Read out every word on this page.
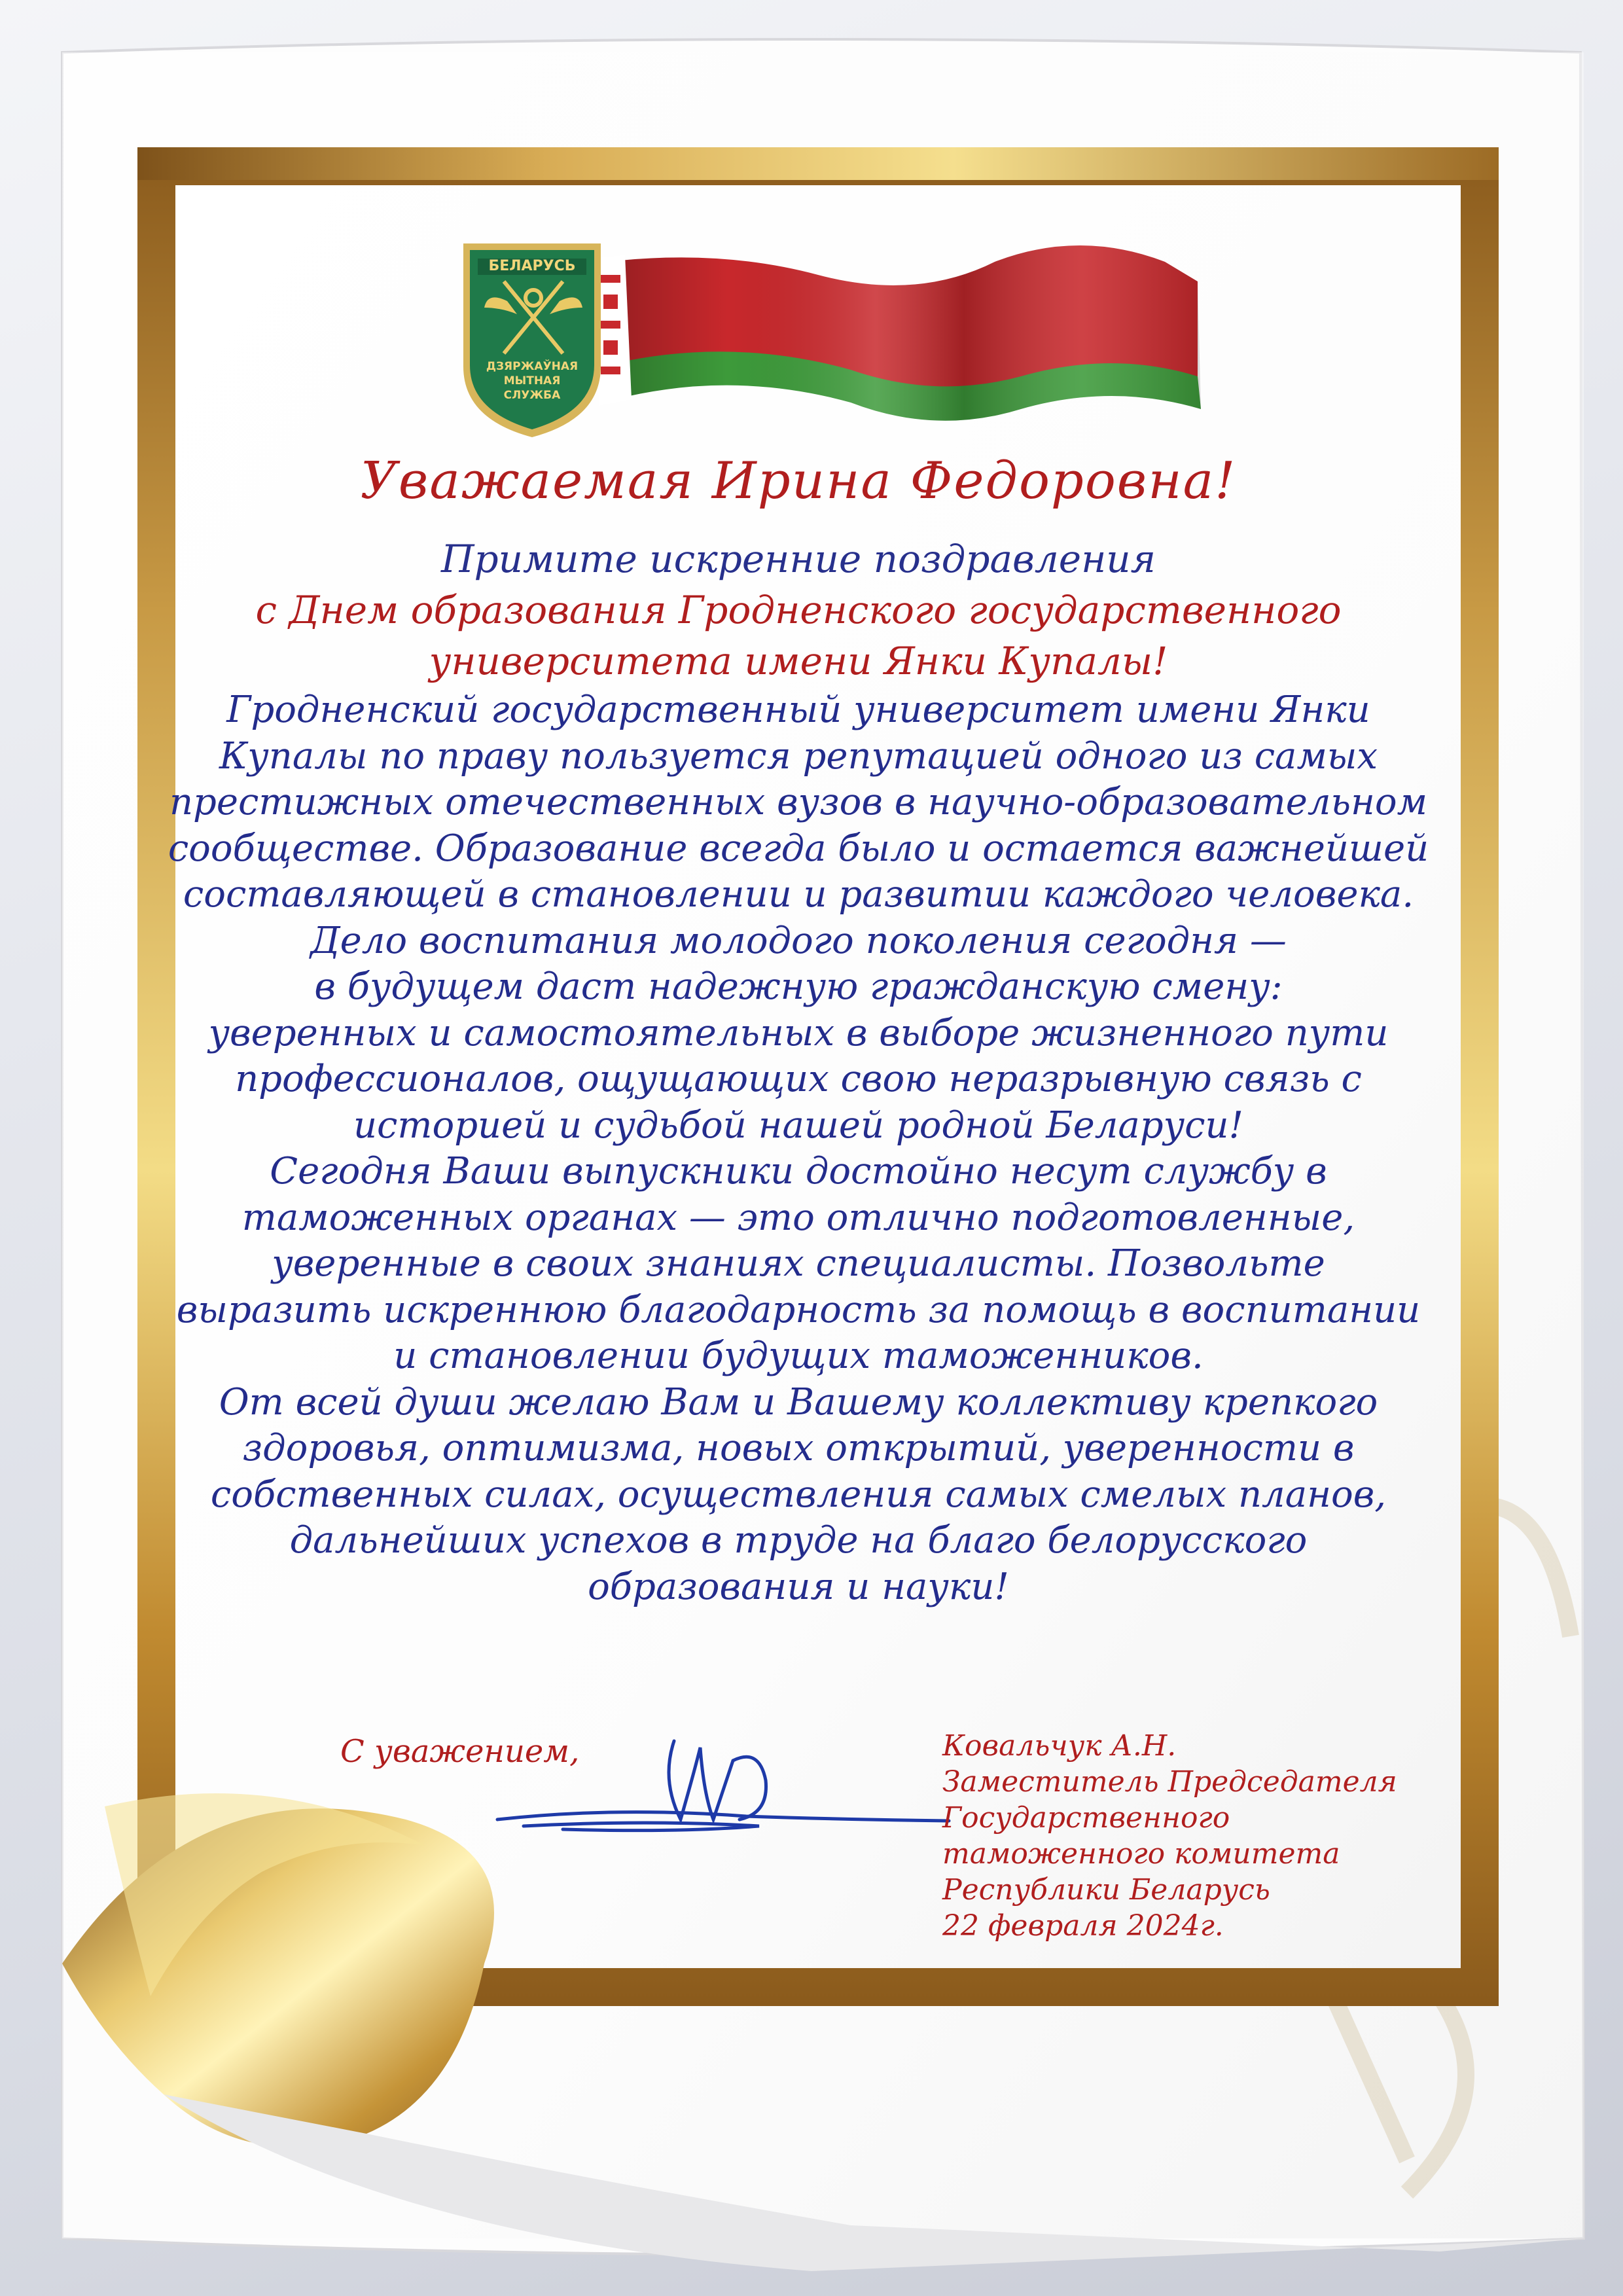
БЕЛАРУСЬ
ДЗЯРЖАЎНАЯ
МЫТНАЯ
СЛУЖБА
Уважаемая Ирина Федоровна!
Примите искренние поздравления
с Днем образования Гродненского государственного
университета имени Янки Купалы!
Гродненский государственный университет имени Янки
Купалы по праву пользуется репутацией одного из самых
престижных отечественных вузов в научно-образовательном
сообществе. Образование всегда было и остается важнейшей
составляющей в становлении и развитии каждого человека.
Дело воспитания молодого поколения сегодня —
в будущем даст надежную гражданскую смену:
уверенных и самостоятельных в выборе жизненного пути
профессионалов, ощущающих свою неразрывную связь с
историей и судьбой нашей родной Беларуси!
Сегодня Ваши выпускники достойно несут службу в
таможенных органах — это отлично подготовленные,
уверенные в своих знаниях специалисты. Позвольте
выразить искреннюю благодарность за помощь в воспитании
и становлении будущих таможенников.
От всей души желаю Вам и Вашему коллективу крепкого
здоровья, оптимизма, новых открытий, уверенности в
собственных силах, осуществления самых смелых планов,
дальнейших успехов в труде на благо белорусского
образования и науки!
С уважением,	Ковальчук А.Н.
Заместитель Председателя
Государственного
таможенного комитета
Республики Беларусь
22 февраля 2024г.
